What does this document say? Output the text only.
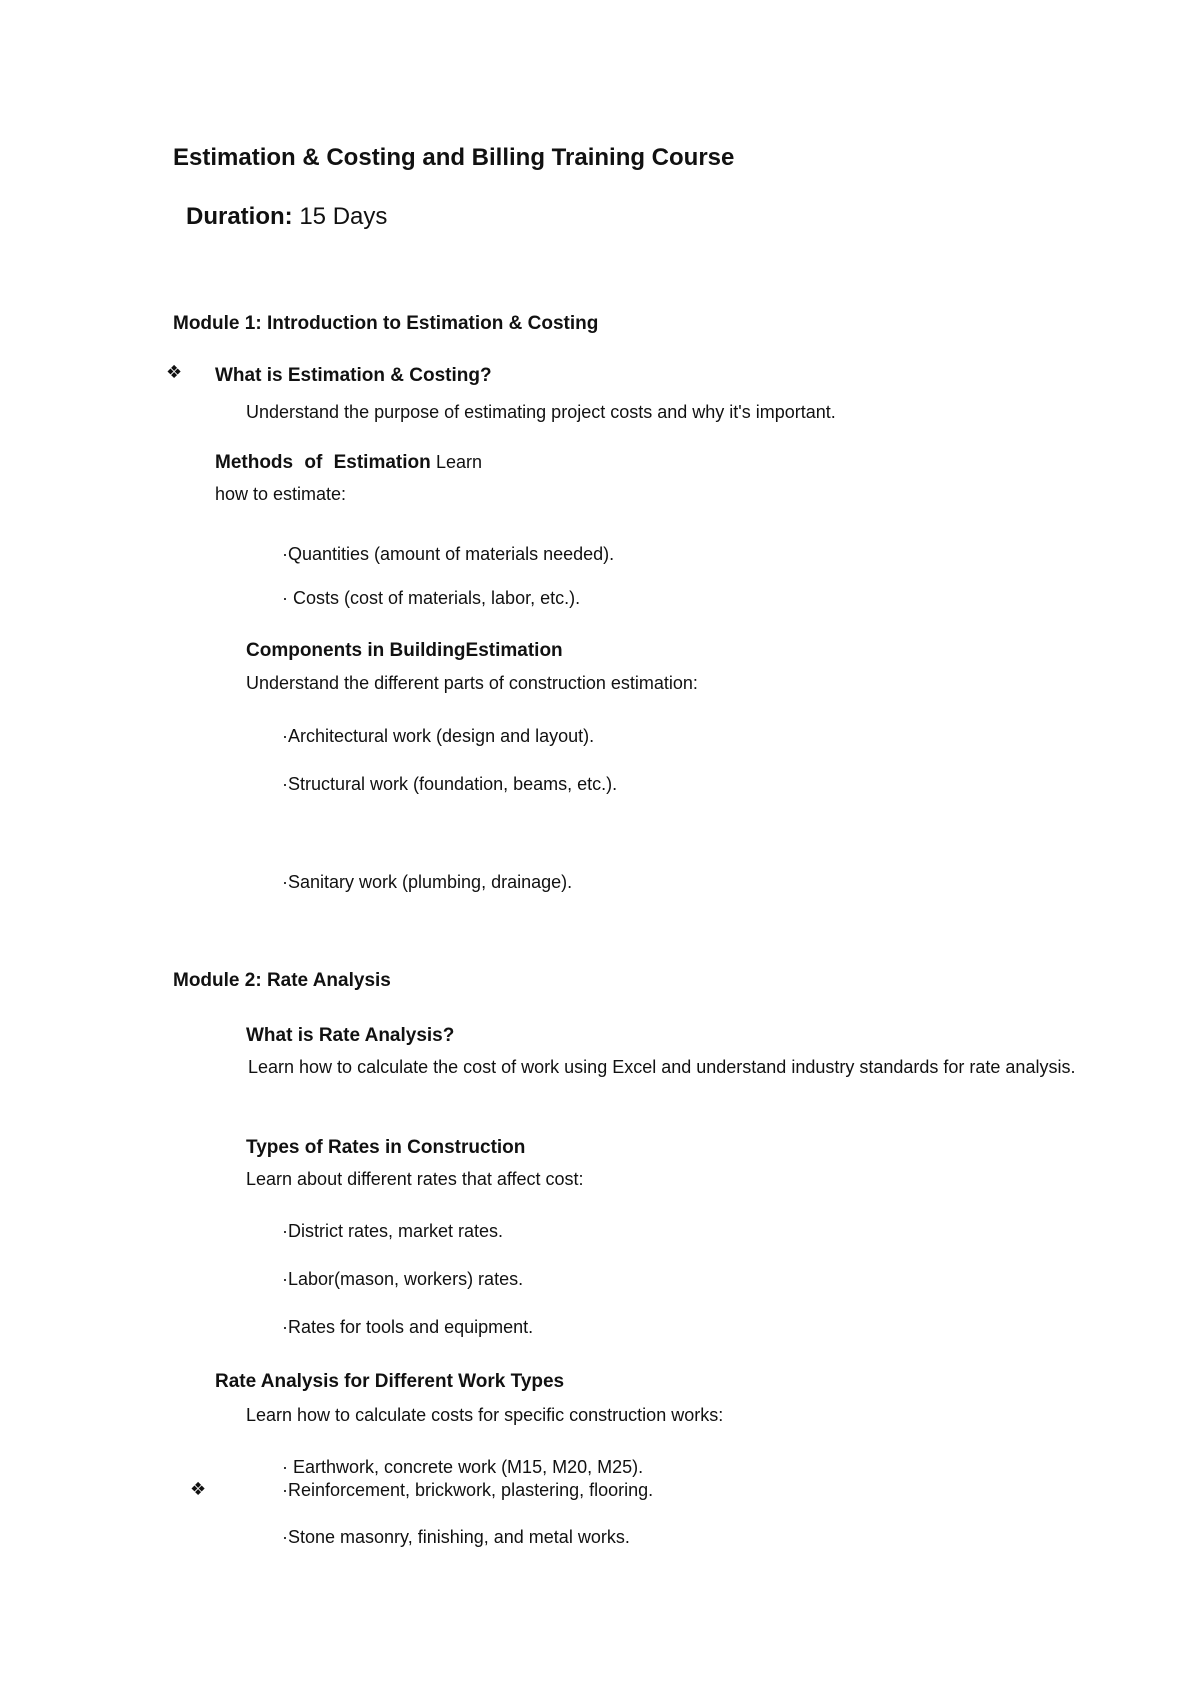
Estimation & Costing and Billing Training Course
Duration: 15 Days
Module 1: Introduction to Estimation & Costing
❖ What is Estimation & Costing?
Understand the purpose of estimating project costs and why it's important.
Methods of Estimation Learn
how to estimate:
·Quantities (amount of materials needed).
· Costs (cost of materials, labor, etc.).
Components in BuildingEstimation
Understand the different parts of construction estimation:
·Architectural work (design and layout).
·Structural work (foundation, beams, etc.).
·Sanitary work (plumbing, drainage).
Module 2: Rate Analysis
What is Rate Analysis?
Learn how to calculate the cost of work using Excel and understand industry standards for rate analysis.
Types of Rates in Construction
Learn about different rates that affect cost:
·District rates, market rates.
·Labor(mason, workers) rates.
·Rates for tools and equipment.
Rate Analysis for Different Work Types
Learn how to calculate costs for specific construction works:
· Earthwork, concrete work (M15, M20, M25).
❖	·Reinforcement, brickwork, plastering, flooring.
·Stone masonry, finishing, and metal works.
